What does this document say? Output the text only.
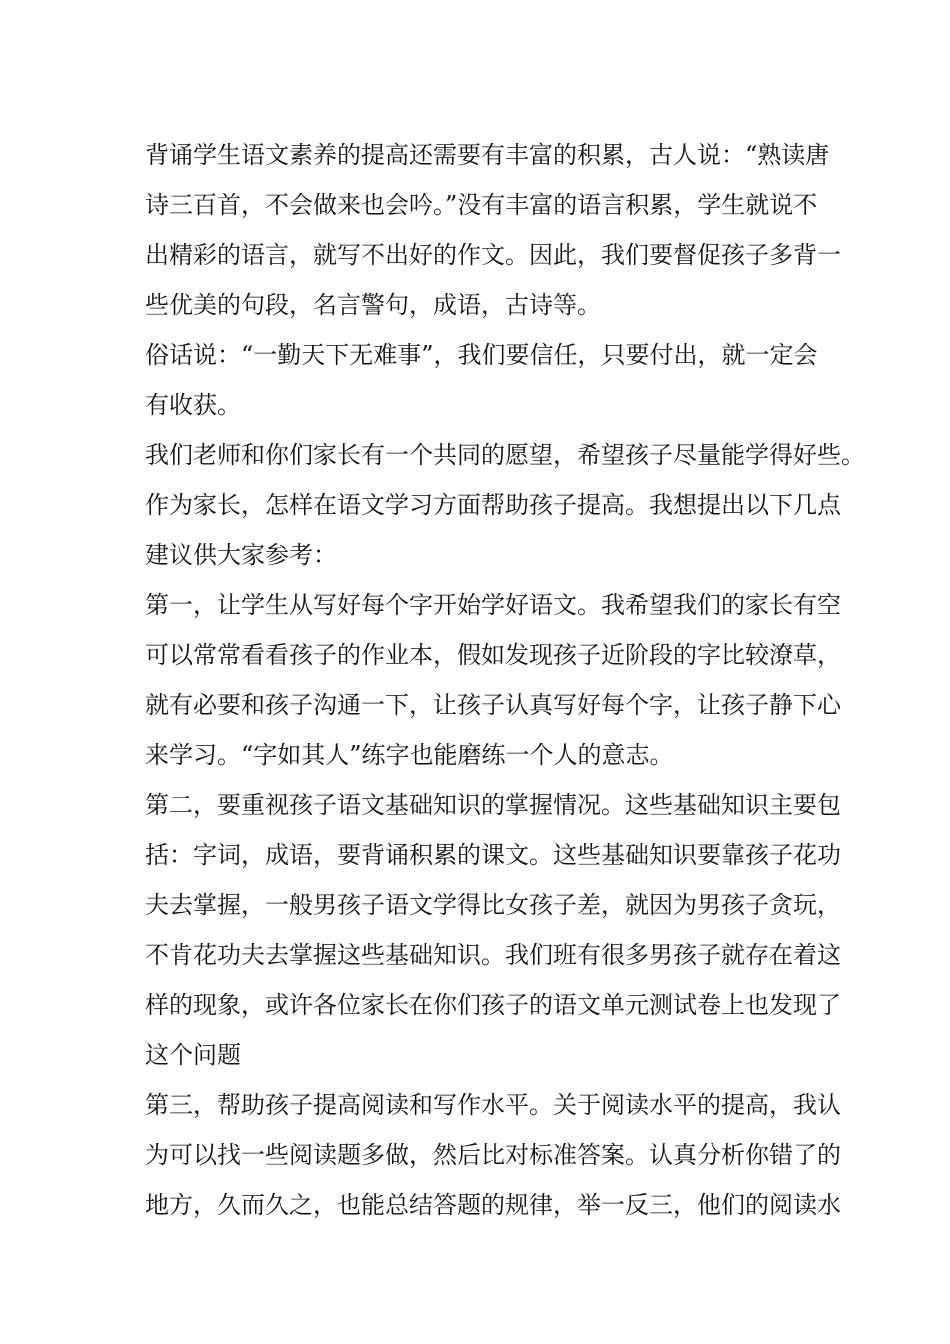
背诵学生语文素养的提高还需要有丰富的积累，古人说：“熟读唐
诗三百首，不会做来也会吟。”没有丰富的语言积累，学生就说不
出精彩的语言，就写不出好的作文。因此，我们要督促孩子多背一
些优美的句段，名言警句，成语，古诗等。
俗话说：“一勤天下无难事”，我们要信任，只要付出，就一定会
有收获。
我们老师和你们家长有一个共同的愿望，希望孩子尽量能学得好些。
作为家长，怎样在语文学习方面帮助孩子提高。我想提出以下几点
建议供大家参考：
第一，让学生从写好每个字开始学好语文。我希望我们的家长有空
可以常常看看孩子的作业本，假如发现孩子近阶段的字比较潦草，
就有必要和孩子沟通一下，让孩子认真写好每个字，让孩子静下心
来学习。“字如其人”练字也能磨练一个人的意志。
第二，要重视孩子语文基础知识的掌握情况。这些基础知识主要包
括：字词，成语，要背诵积累的课文。这些基础知识要靠孩子花功
夫去掌握，一般男孩子语文学得比女孩子差，就因为男孩子贪玩，
不肯花功夫去掌握这些基础知识。我们班有很多男孩子就存在着这
样的现象，或许各位家长在你们孩子的语文单元测试卷上也发现了
这个问题
第三，帮助孩子提高阅读和写作水平。关于阅读水平的提高，我认
为可以找一些阅读题多做，然后比对标准答案。认真分析你错了的
地方，久而久之，也能总结答题的规律，举一反三，他们的阅读水
